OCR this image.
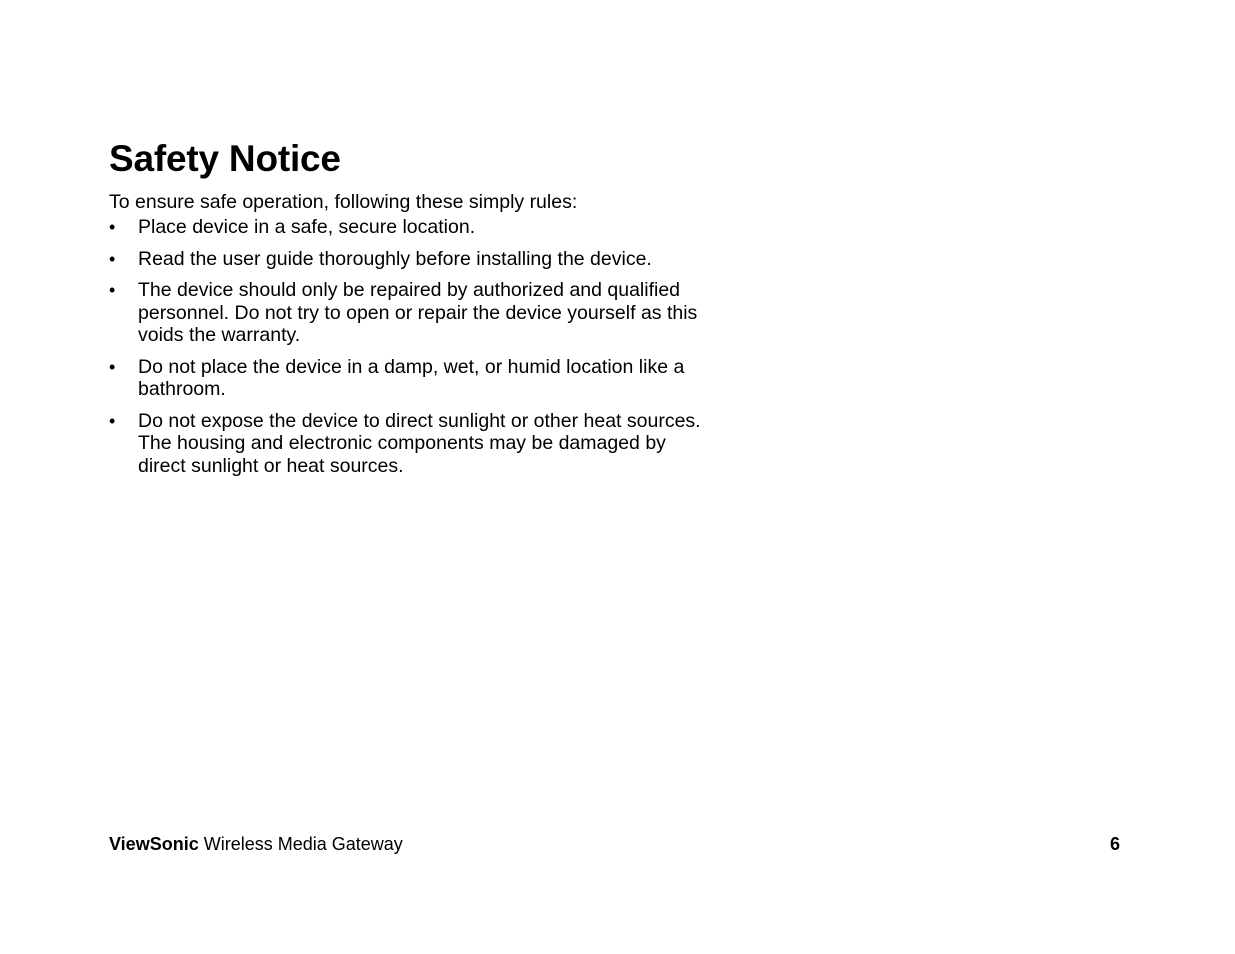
Safety Notice

To ensure safe operation, following these simply rules:

•	Place device in a safe, secure location.
•	Read the user guide thoroughly before installing the device.
•	The device should only be repaired by authorized and qualified personnel. Do not try to open or repair the device yourself as this voids the warranty.
•	Do not place the device in a damp, wet, or humid location like a bathroom.
•	Do not expose the device to direct sunlight or other heat sources. The housing and electronic components may be damaged by direct sunlight or heat sources.
ViewSonic Wireless Media Gateway	6
